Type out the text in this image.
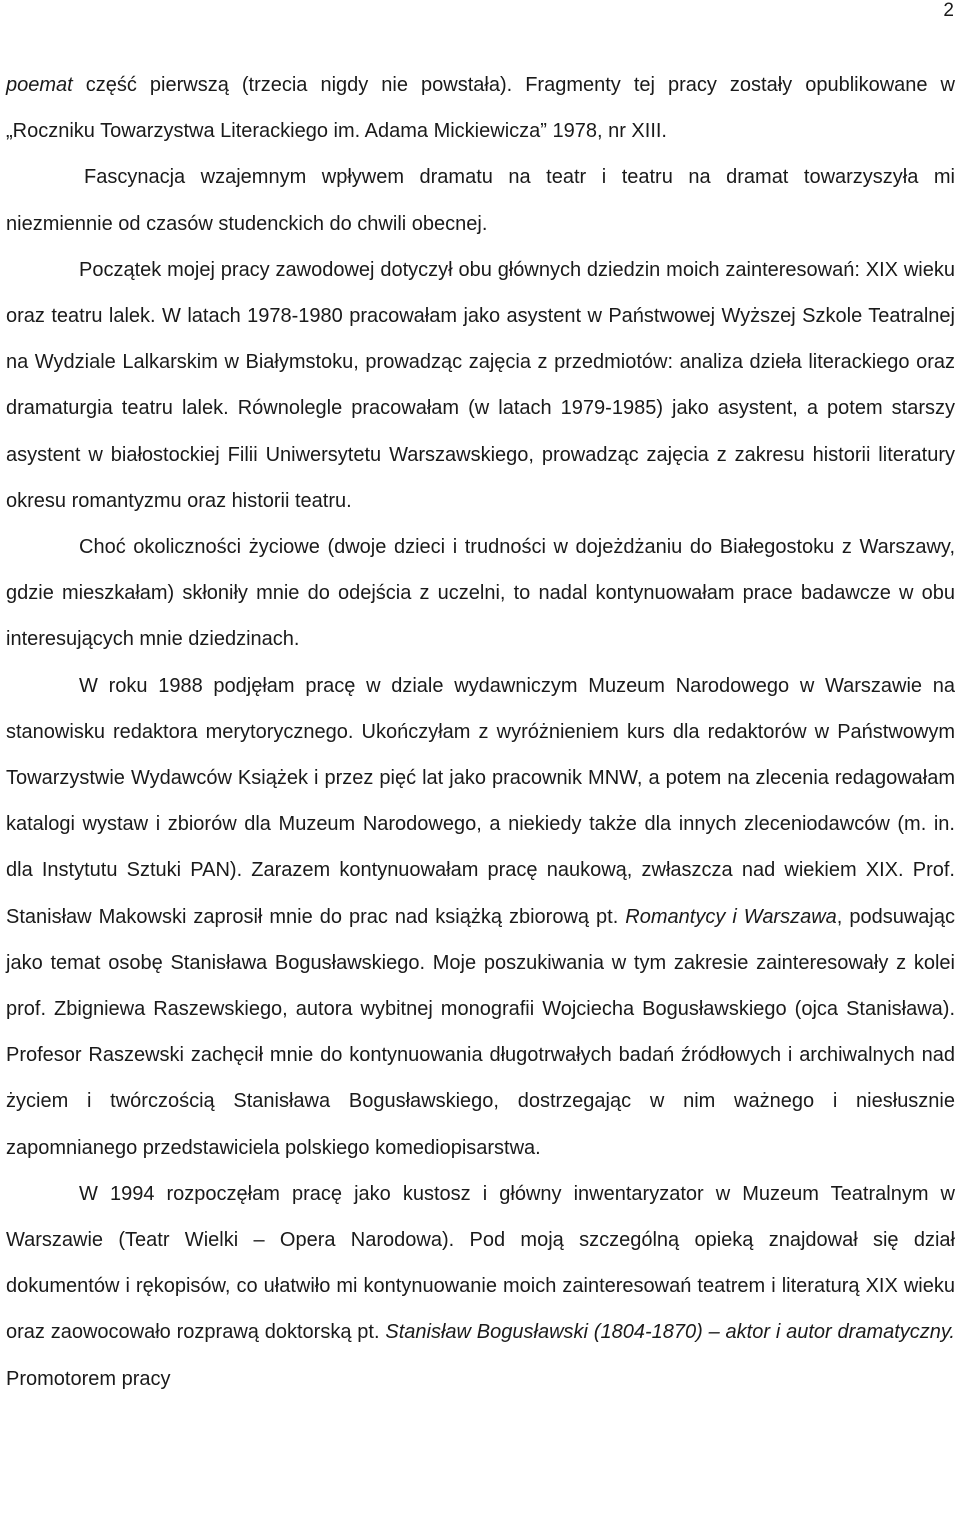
2

poemat część pierwszą (trzecia nigdy nie powstała). Fragmenty tej pracy zostały opublikowane w „Roczniku Towarzystwa Literackiego im. Adama Mickiewicza” 1978, nr XIII.

Fascynacja wzajemnym wpływem dramatu na teatr i teatru na dramat towarzyszyła mi niezmiennie od czasów studenckich do chwili obecnej.

Początek mojej pracy zawodowej dotyczył obu głównych dziedzin moich zainteresowań: XIX wieku oraz teatru lalek. W latach 1978-1980 pracowałam jako asystent w Państwowej Wyższej Szkole Teatralnej na Wydziale Lalkarskim w Białymstoku, prowadząc zajęcia z przedmiotów: analiza dzieła literackiego oraz dramaturgia teatru lalek. Równolegle pracowałam (w latach 1979-1985) jako asystent, a potem starszy asystent w białostockiej Filii Uniwersytetu Warszawskiego, prowadząc zajęcia z zakresu historii literatury okresu romantyzmu oraz historii teatru.

Choć okoliczności życiowe (dwoje dzieci i trudności w dojeżdżaniu do Białegostoku z Warszawy, gdzie mieszkałam) skłoniły mnie do odejścia z uczelni, to nadal kontynuowałam prace badawcze w obu interesujących mnie dziedzinach.

W roku 1988 podjęłam pracę w dziale wydawniczym Muzeum Narodowego w Warszawie na stanowisku redaktora merytorycznego. Ukończyłam z wyróżnieniem kurs dla redaktorów w Państwowym Towarzystwie Wydawców Książek i przez pięć lat jako pracownik MNW, a potem na zlecenia redagowałam katalogi wystaw i zbiorów dla Muzeum Narodowego, a niekiedy także dla innych zleceniodawców (m. in. dla Instytutu Sztuki PAN). Zarazem kontynuowałam pracę naukową, zwłaszcza nad wiekiem XIX. Prof. Stanisław Makowski zaprosił mnie do prac nad książką zbiorową pt. Romantycy i Warszawa, podsuwając jako temat osobę Stanisława Bogusławskiego. Moje poszukiwania w tym zakresie zainteresowały z kolei prof. Zbigniewa Raszewskiego, autora wybitnej monografii Wojciecha Bogusławskiego (ojca Stanisława). Profesor Raszewski zachęcił mnie do kontynuowania długotrwałych badań źródłowych i archiwalnych nad życiem i twórczością Stanisława Bogusławskiego, dostrzegając w nim ważnego i niesłusznie zapomnianego przedstawiciela polskiego komediopisarstwa.

W 1994 rozpoczęłam pracę jako kustosz i główny inwentaryzator w Muzeum Teatralnym w Warszawie (Teatr Wielki – Opera Narodowa). Pod moją szczególną opieką znajdował się dział dokumentów i rękopisów, co ułatwiło mi kontynuowanie moich zainteresowań teatrem i literaturą XIX wieku oraz zaowocowało rozprawą doktorską pt. Stanisław Bogusławski (1804-1870) – aktor i autor dramatyczny. Promotorem pracy
